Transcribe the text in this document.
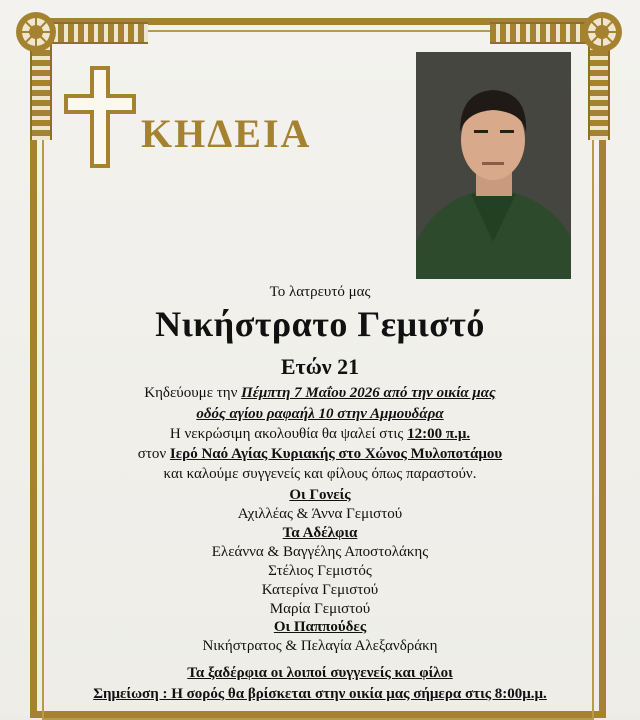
ΚΗΔΕΙΑ
Το λατρευτό μας
Νικήστρατο Γεμιστό
Ετών 21
Κηδεύουμε την Πέμπτη 7 Μαΐου 2026 από την οικία μας
οδός αγίου ραφαήλ 10 στην Αμμουδάρα
Η νεκρώσιμη ακολουθία θα ψαλεί στις 12:00 π.μ.
στον Ιερό Ναό Αγίας Κυριακής στο Χώνος Μυλοποτάμου
και καλούμε συγγενείς και φίλους όπως παραστούν.
Οι Γονείς
Αχιλλέας & Άννα Γεμιστού
Τα Αδέλφια
Ελεάννα & Βαγγέλης Αποστολάκης
Στέλιος Γεμιστός
Κατερίνα Γεμιστού
Μαρία Γεμιστού
Οι Παππούδες
Νικήστρατος & Πελαγία Αλεξανδράκη
Τα ξαδέρφια οι λοιποί συγγενείς και φίλοι
Σημείωση : Η σορός θα βρίσκεται στην οικία μας σήμερα στις 8:00μ.μ.
